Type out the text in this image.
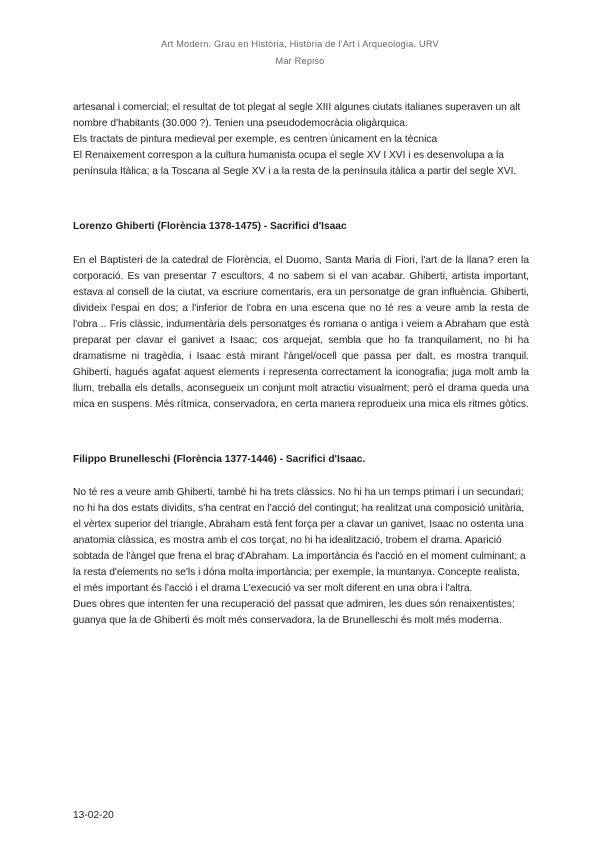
Art Modern. Grau en Història, Història de l'Art i Arqueologia. URV
Mar Repiso

artesanal i comercial; el resultat de tot plegat al segle XIII algunes ciutats italianes superaven un alt nombre d'habitants (30.000 ?). Tenien una pseudodemocràcia oligàrquica.

Els tractats de pintura medieval per exemple, es centren únicament en la tècnica

El Renaixement correspon a la cultura humanista ocupa el segle XV I XVI i es desenvolupa a la península Itàlica; a la Toscana al Segle XV i a la resta de la península itàlica a partir del segle XVI.

Lorenzo Ghiberti (Florència 1378-1475) - Sacrifici d'Isaac
En el Baptisteri de la catedral de Florència, el Duomo, Santa Maria di Fiori, l'art de la llana? eren la corporació. Es van presentar 7 escultors, 4 no sabem si el van acabar. Ghiberti, artista important, estava al consell de la ciutat, va escriure comentaris, era un personatge de gran influència. Ghiberti, divideix l'espai en dos; a l'inferior de l'obra en una escena que no té res a veure amb la resta de l'obra .. Fris clàssic, indumentària dels personatges és romana o antiga i veiem a Abraham que està preparat per clavar el ganivet a Isaac; cos arquejat, sembla que ho fa tranquilament, no hi ha dramatisme ni tragèdia, i Isaac està mirant l'àngel/ocell que passa per dalt, es mostra tranquil. Ghiberti, hagués agafat aquest elements i representa correctament la iconografia; juga molt amb la llum, treballa els detalls, aconsegueix un conjunt molt atractiu visualment; però el drama queda una mica en suspens. Més rítmica, conservadora, en certa manera reprodueix una mica els ritmes gòtics.
Filippo Brunelleschi (Florència 1377-1446) - Sacrifici d'Isaac.

No té res a veure amb Ghiberti, també hi ha trets clàssics. No hi ha un temps primari i un secundari; no hi ha dos estats dividits, s'ha centrat en l'acció del contingut; ha realitzat una composició unitària, el vèrtex superior del triangle, Abraham està fent força per a clavar un ganivet, Isaac no ostenta una anatomia clàssica, es mostra amb el cos torçat, no hi ha idealització, trobem el drama. Aparició sobtada de l'àngel que frena el braç d'Abraham. La importància és l'acció en el moment culminant; a la resta d'elements no se'ls i dóna molta importància; per exemple, la muntanya. Concepte realista, el més important és l'acció i el drama L'execució va ser molt diferent en una obra i l'altra.

Dues obres que intenten fer una recuperació del passat que admiren, les dues són renaixentistes; guanya que la de Ghiberti és molt més conservadora, la de Brunelleschi és molt més moderna.

13-02-20
